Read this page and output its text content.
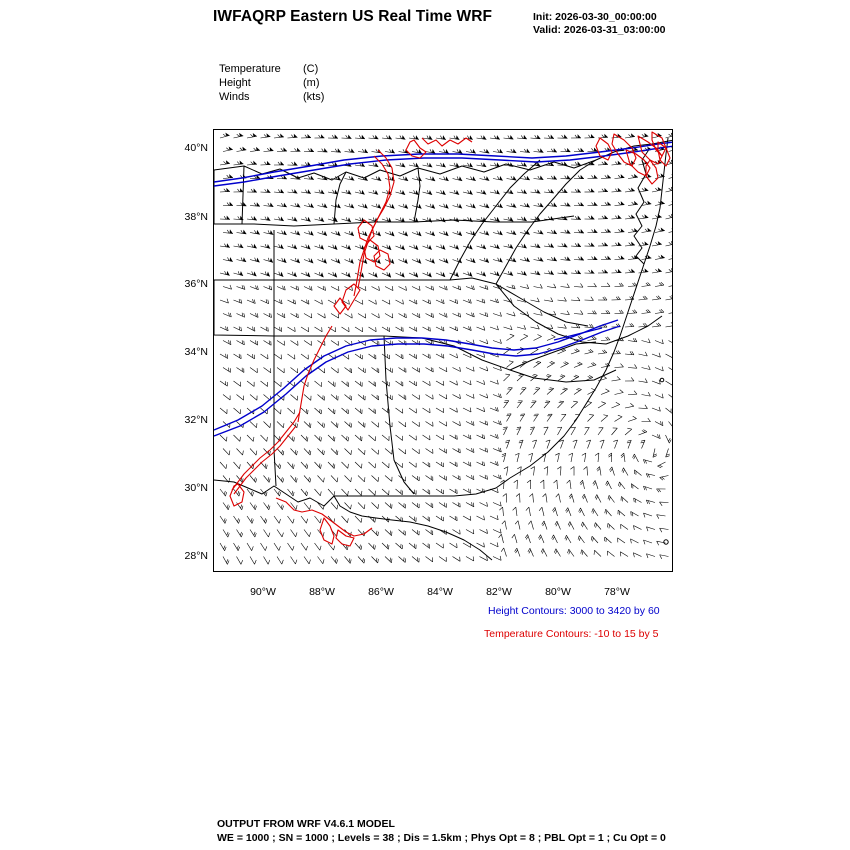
IWFAQRP Eastern US Real Time WRF	Init: 2026-03-30_00:00:00
Valid: 2026-03-31_03:00:00
Temperature (C)
Height	(m)
Winds	(kts)
40°N
38°N
36°N
34°N
32°N
30°N
28°N
90°W	88°W	86°W	84°W	82°W	80°W	78°W
Height Contours: 3000 to 3420 by 60
Temperature Contours: -10 to 15 by 5
OUTPUT FROM WRF V4.6.1 MODEL
WE = 1000 ; SN = 1000 ; Levels = 38 ; Dis = 1.5km ; Phys Opt = 8 ; PBL Opt = 1 ; Cu Opt = 0
